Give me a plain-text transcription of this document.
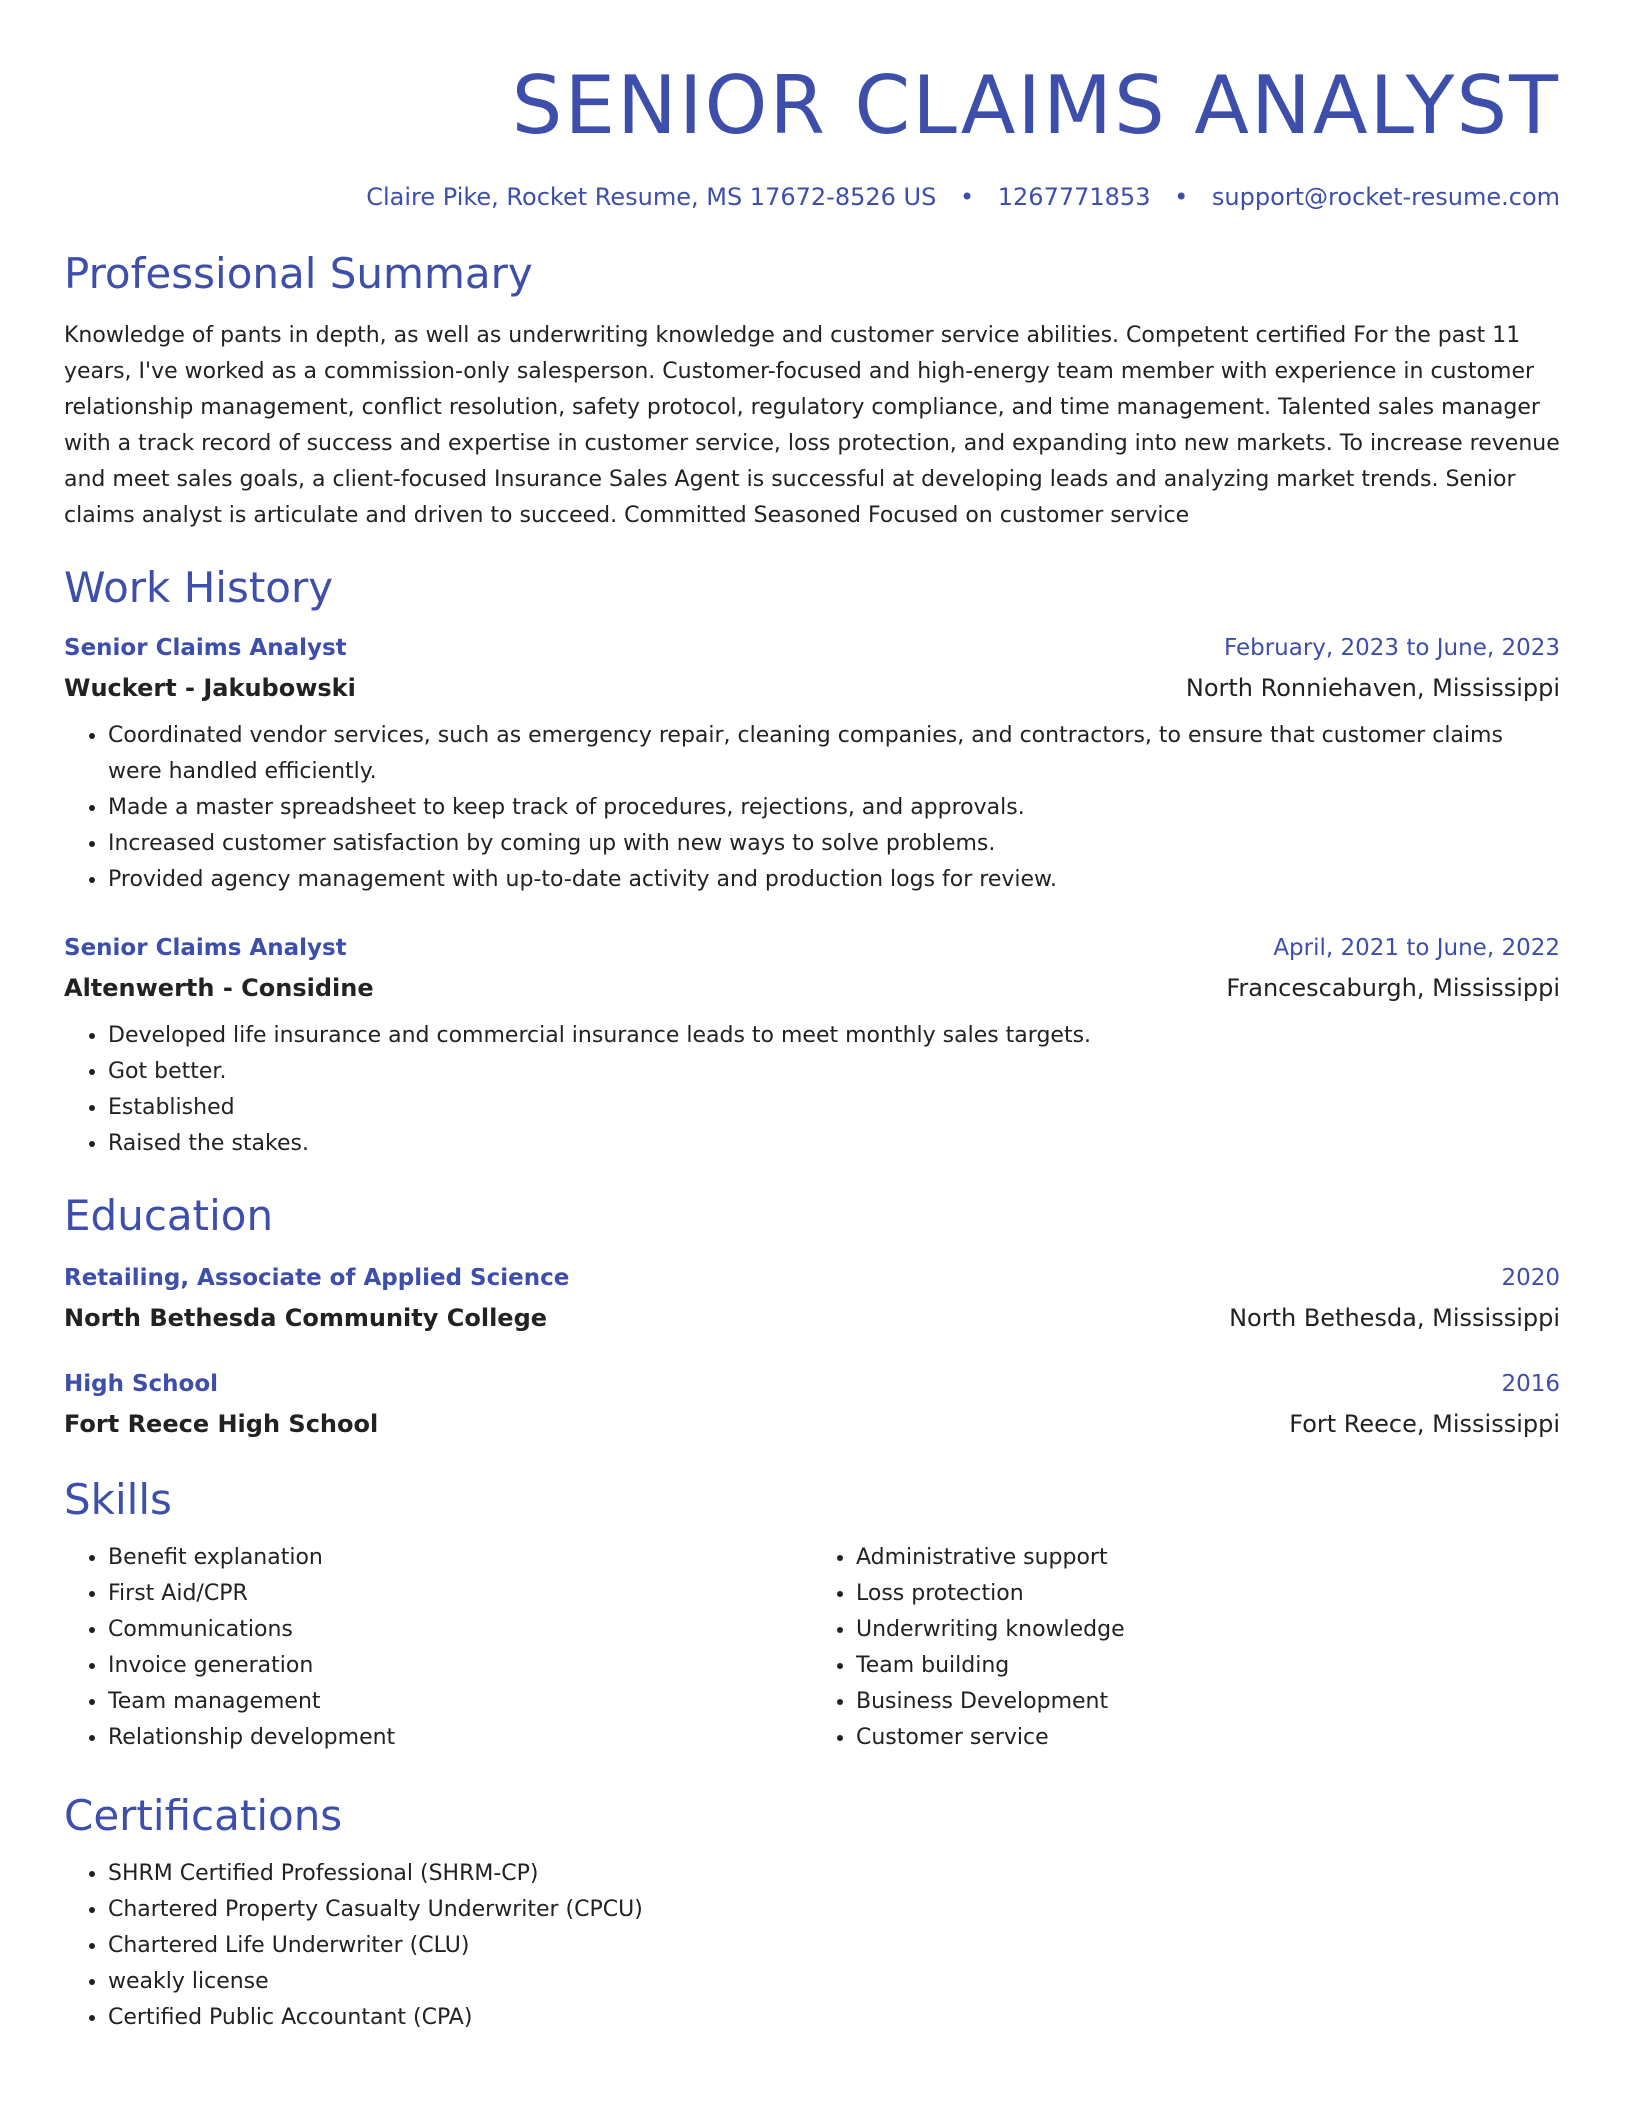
SENIOR CLAIMS ANALYST
Claire Pike, Rocket Resume, MS 17672-8526 US • 1267771853 • support@rocket-resume.com
Professional Summary
Knowledge of pants in depth, as well as underwriting knowledge and customer service abilities. Competent certified For the past 11 years, I've worked as a commission-only salesperson. Customer-focused and high-energy team member with experience in customer relationship management, conflict resolution, safety protocol, regulatory compliance, and time management. Talented sales manager with a track record of success and expertise in customer service, loss protection, and expanding into new markets. To increase revenue and meet sales goals, a client-focused Insurance Sales Agent is successful at developing leads and analyzing market trends. Senior claims analyst is articulate and driven to succeed. Committed Seasoned Focused on customer service
Work History
Senior Claims Analyst	February, 2023 to June, 2023
Wuckert - Jakubowski	North Ronniehaven, Mississippi
• Coordinated vendor services, such as emergency repair, cleaning companies, and contractors, to ensure that customer claims were handled efficiently.
• Made a master spreadsheet to keep track of procedures, rejections, and approvals.
• Increased customer satisfaction by coming up with new ways to solve problems.
• Provided agency management with up-to-date activity and production logs for review.
Senior Claims Analyst	April, 2021 to June, 2022
Altenwerth - Considine	Francescaburgh, Mississippi
• Developed life insurance and commercial insurance leads to meet monthly sales targets.
• Got better.
• Established
• Raised the stakes.
Education
Retailing, Associate of Applied Science	2020
North Bethesda Community College	North Bethesda, Mississippi
High School	2016
Fort Reece High School	Fort Reece, Mississippi
Skills
• Benefit explanation
• First Aid/CPR
• Communications
• Invoice generation
• Team management
• Relationship development
• Administrative support
• Loss protection
• Underwriting knowledge
• Team building
• Business Development
• Customer service
Certifications
• SHRM Certified Professional (SHRM-CP)
• Chartered Property Casualty Underwriter (CPCU)
• Chartered Life Underwriter (CLU)
• weakly license
• Certified Public Accountant (CPA)
